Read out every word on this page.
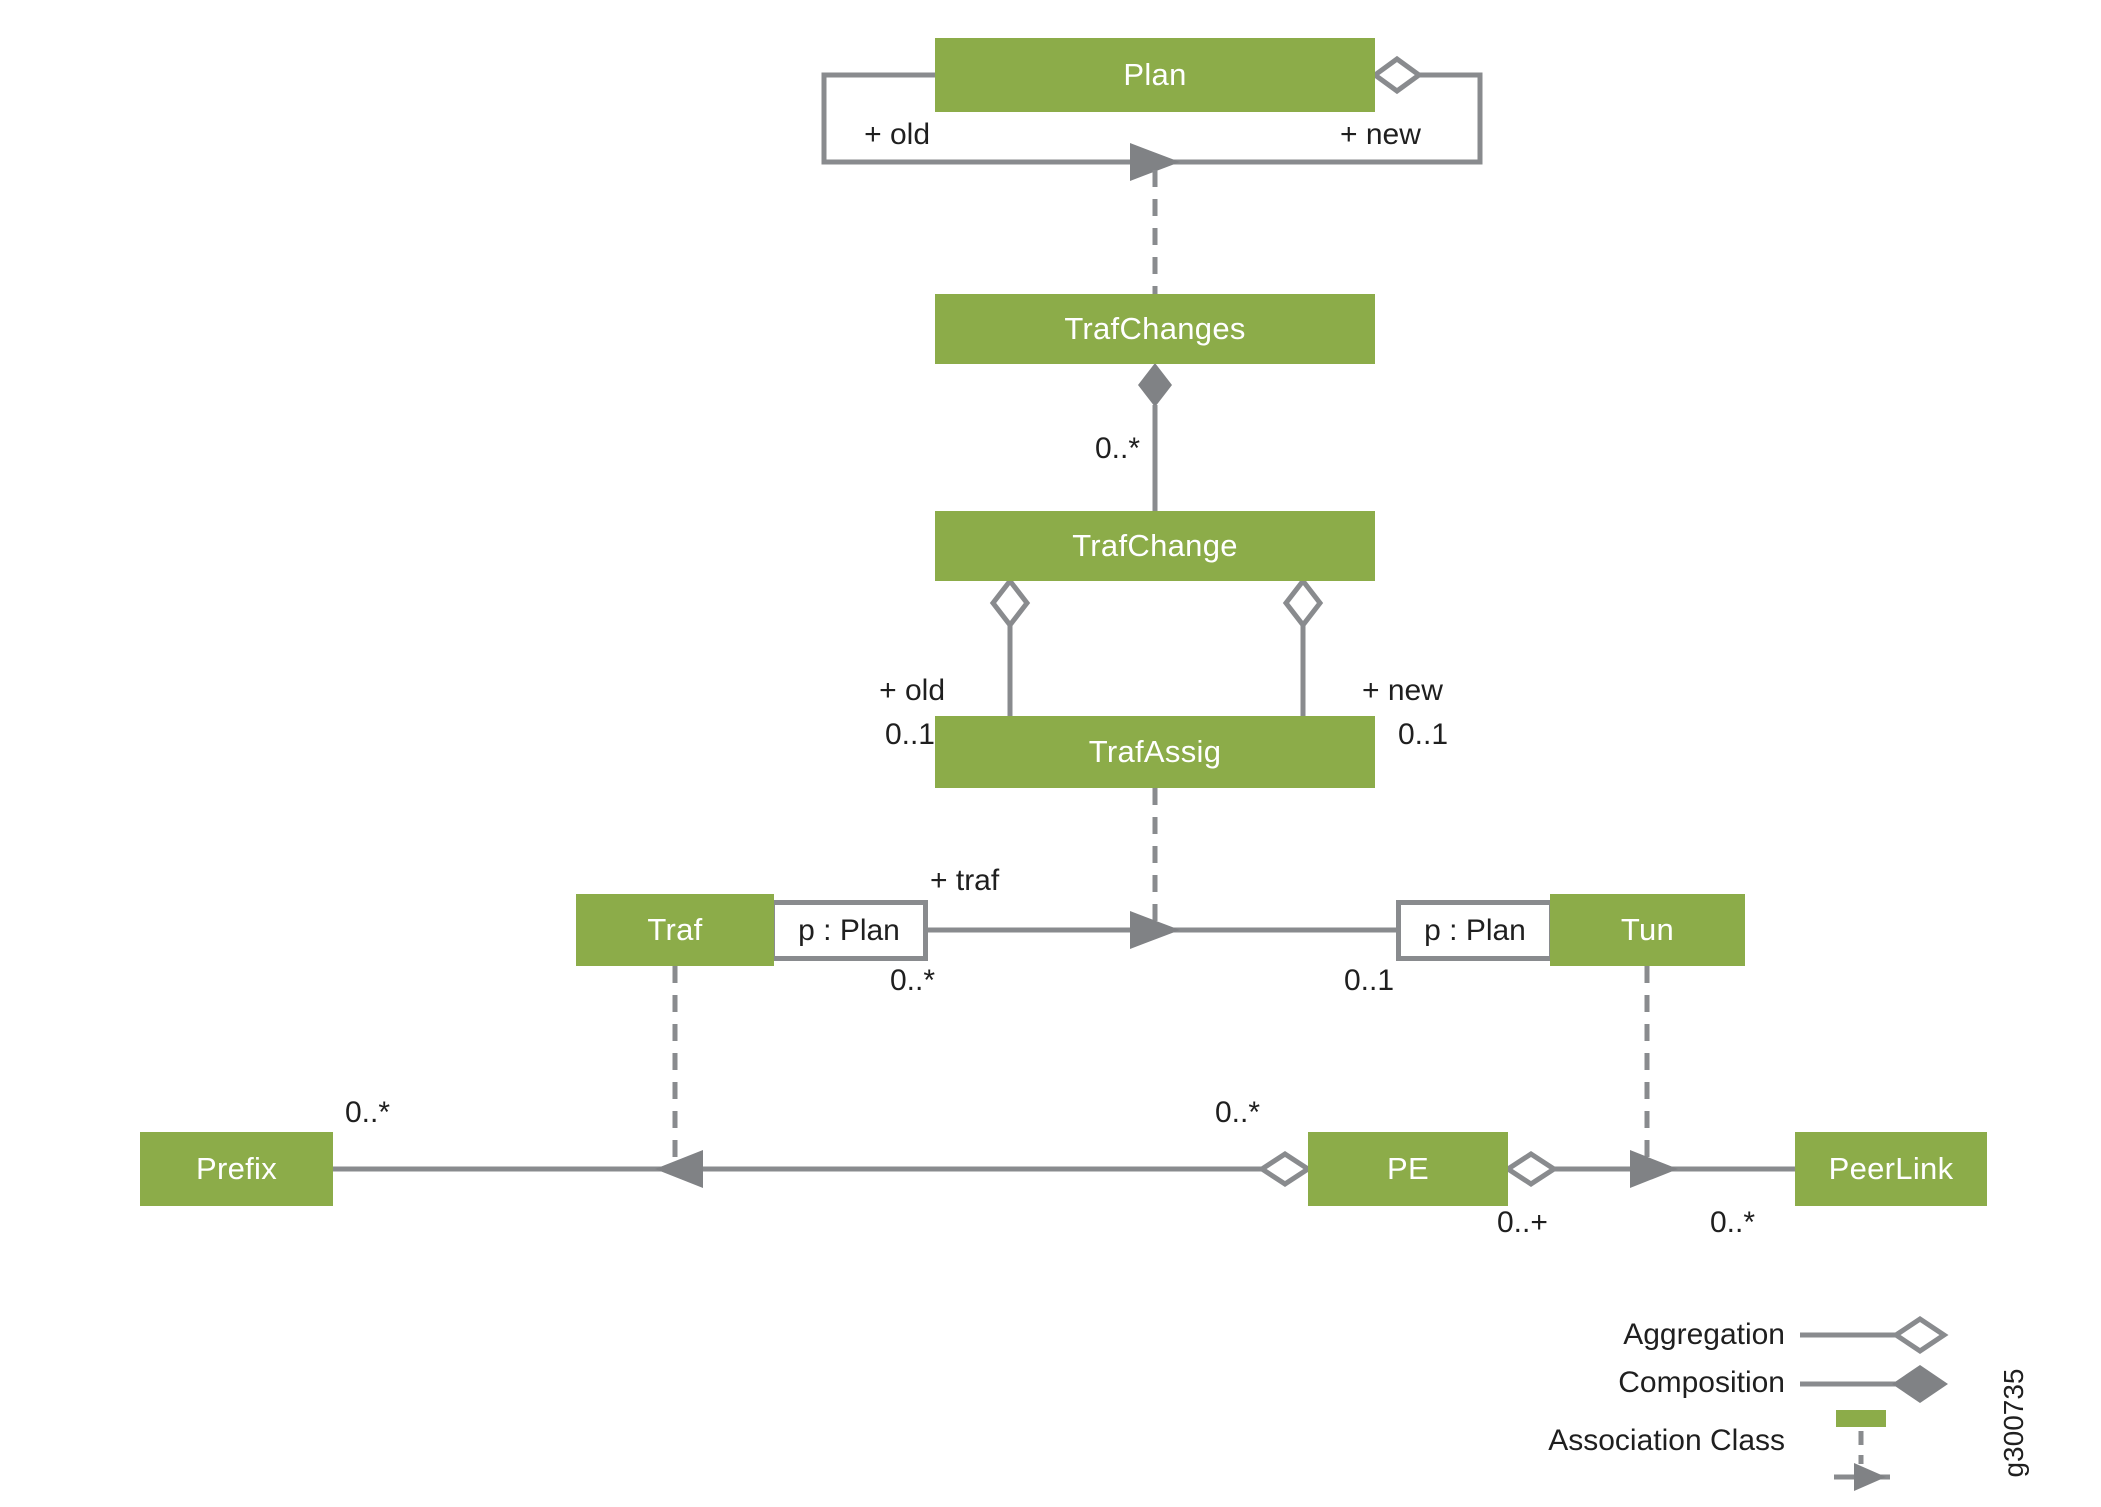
Plan
TrafChanges
TrafChange
TrafAssig
p : Plan
Traf	p : Plan	Tun
Prefix	PE	PeerLink
+ old	+ new
0..*
+ old
0..1
+ new
0..1
+ traf
0..*	0..1
0..*	0..*
0..+	0..*
Aggregation
Composition
Association Class	g300735
